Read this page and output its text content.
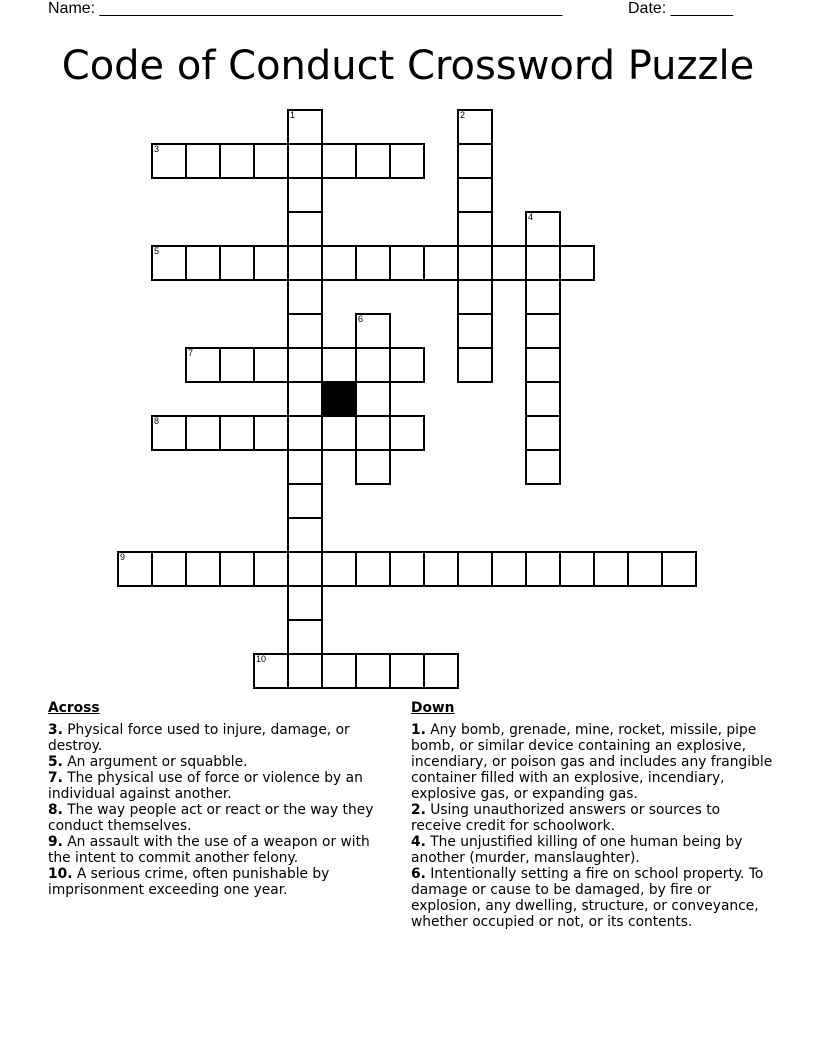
Name: ____________________________________________________	Date: _______
Code of Conduct Crossword Puzzle
1	2
3
4
5
6
7
8
9
10
Across

3. Physical force used to injure, damage, or destroy.

5. An argument or squabble.

7. The physical use of force or violence by an individual against another.

8. The way people act or react or the way they conduct themselves.

9. An assault with the use of a weapon or with the intent to commit another felony.

10. A serious crime, often punishable by imprisonment exceeding one year.

Down

1. Any bomb, grenade, mine, rocket, missile, pipe bomb, or similar device containing an explosive, incendiary, or poison gas and includes any frangible container filled with an explosive, incendiary, explosive gas, or expanding gas.

2. Using unauthorized answers or sources to receive credit for schoolwork.

4. The unjustified killing of one human being by another (murder, manslaughter).

6. Intentionally setting a fire on school property. To damage or cause to be damaged, by fire or explosion, any dwelling, structure, or conveyance, whether occupied or not, or its contents.
